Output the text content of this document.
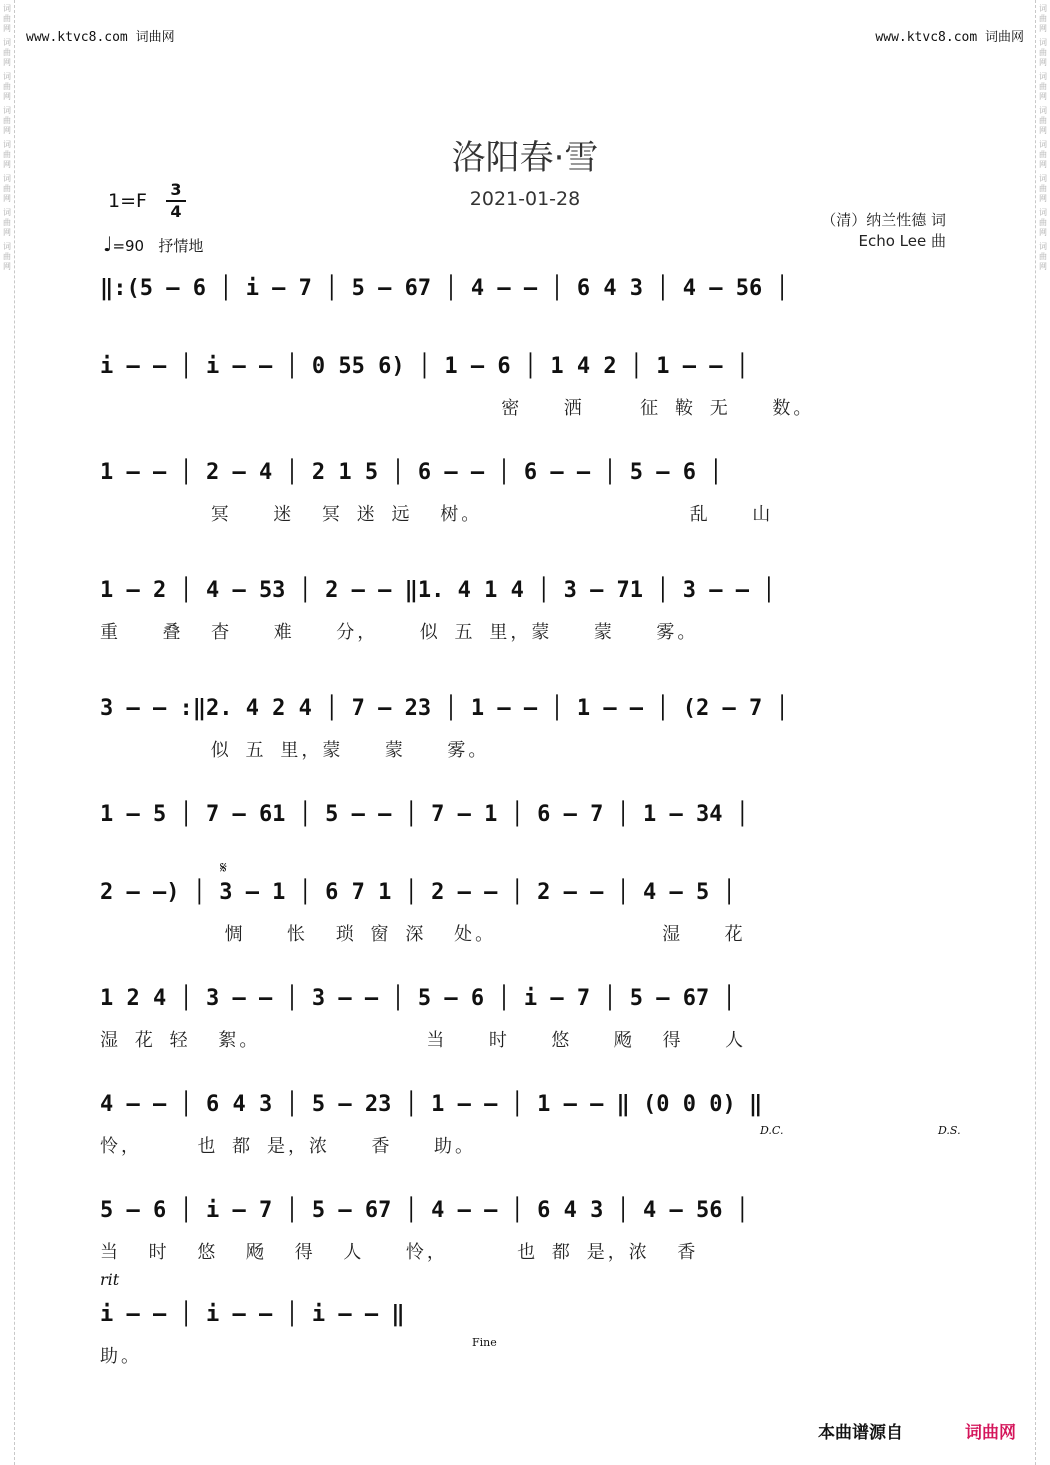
词曲网
词曲网
词曲网
词曲网
词曲网
词曲网
词曲网
词曲网
词曲网
词曲网
词曲网
词曲网
词曲网
词曲网
词曲网
词曲网
www.ktvc8.com 词曲网	www.ktvc8.com 词曲网
洛阳春·雪
2021-01-28
1=F
3
4
♩=90 抒情地
（清）纳兰性德 词
Echo Lee 曲
‖:(5 – 6 │ i – 7 │ 5 – 67 │ 4 – – │ 6 4 3 │ 4 – 56 │
i – – │ i – – │ 0 55 6) │ 1 – 6 │ 1 4 2 │ 1 – – │
密   洒    征 鞍 无   数。
1 – – │ 2 – 4 │ 2 1 5 │ 6 – – │ 6 – – │ 5 – 6 │
冥   迷  冥 迷 远  树。               乱   山
1 – 2 │ 4 – 53 │ 2 – – ‖1. 4 1 4 │ 3 – 71 │ 3 – – │
重   叠  杳   难   分，   似 五 里，蒙   蒙   雾。
3 – – :‖2. 4 2 4 │ 7 – 23 │ 1 – – │ 1 – – │ (2 – 7 │
似 五 里，蒙   蒙   雾。
1 – 5 │ 7 – 61 │ 5 – – │ 7 – 1 │ 6 – 7 │ 1 – 34 │
𝄋
2 – –) │ 3 – 1 │ 6 7 1 │ 2 – – │ 2 – – │ 4 – 5 │
惆   怅  琐 窗 深  处。            湿   花
1 2 4 │ 3 – – │ 3 – – │ 5 – 6 │ i – 7 │ 5 – 67 │
湿 花 轻  絮。            当   时   悠   飏  得   人
4 – – │ 6 4 3 │ 5 – 23 │ 1 – – │ 1 – – ‖ (0 0 0) ‖
D.C.	D.S.
怜，    也 都 是，浓   香   助。
5 – 6 │ i – 7 │ 5 – 67 │ 4 – – │ 6 4 3 │ 4 – 56 │
当  时  悠  飏  得  人   怜，     也 都 是，浓  香
rit
i – – │ i – – │ i – – ‖
Fine
助。
本曲谱源自	词曲网
